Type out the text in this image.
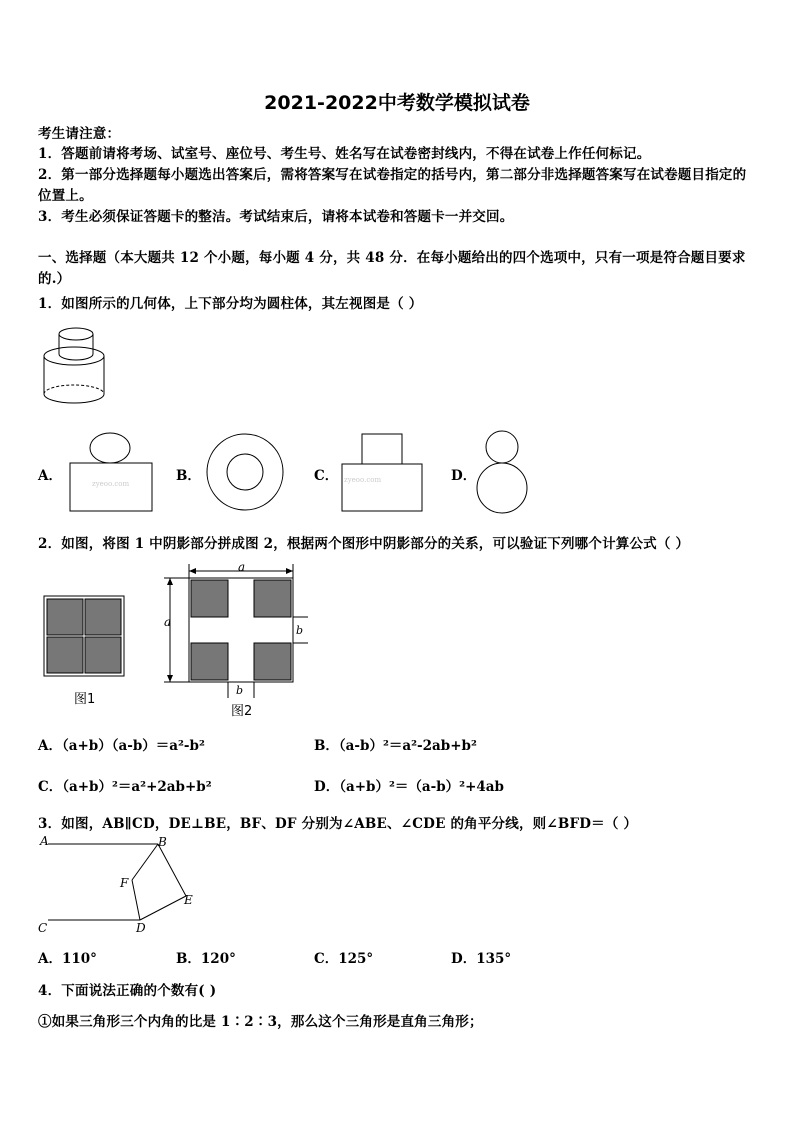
2021-2022中考数学模拟试卷
考生请注意：
1．答题前请将考场、试室号、座位号、考生号、姓名写在试卷密封线内，不得在试卷上作任何标记。
2．第一部分选择题每小题选出答案后，需将答案写在试卷指定的括号内，第二部分非选择题答案写在试卷题目指定的
位置上。
3．考生必须保证答题卡的整洁。考试结束后，请将本试卷和答题卡一并交回。
一、选择题（本大题共 12 个小题，每小题 4 分，共 48 分．在每小题给出的四个选项中，只有一项是符合题目要求
的.）
1．如图所示的几何体，上下部分均为圆柱体，其左视图是（ ）
A．	zyeoo.com	B．	C． zyeoo.com	D．
2．如图，将图 1 中阴影部分拼成图 2，根据两个图形中阴影部分的关系，可以验证下列哪个计算公式（ ）
图1
a
a
b
b
图2
A．（a+b）（a-b）＝a²-b²	B．（a-b）²＝a²-2ab+b²
C．（a+b）²＝a²+2ab+b²	D．（a+b）²＝（a-b）²+4ab
3．如图，AB∥CD，DE⊥BE，BF、DF 分别为∠ABE、∠CDE 的角平分线，则∠BFD＝（ ）
A	B
C	D
E
F
A．110°	B．120°	C．125°	D．135°
4．下面说法正确的个数有( )
①如果三角形三个内角的比是 1∶2∶3，那么这个三角形是直角三角形；
